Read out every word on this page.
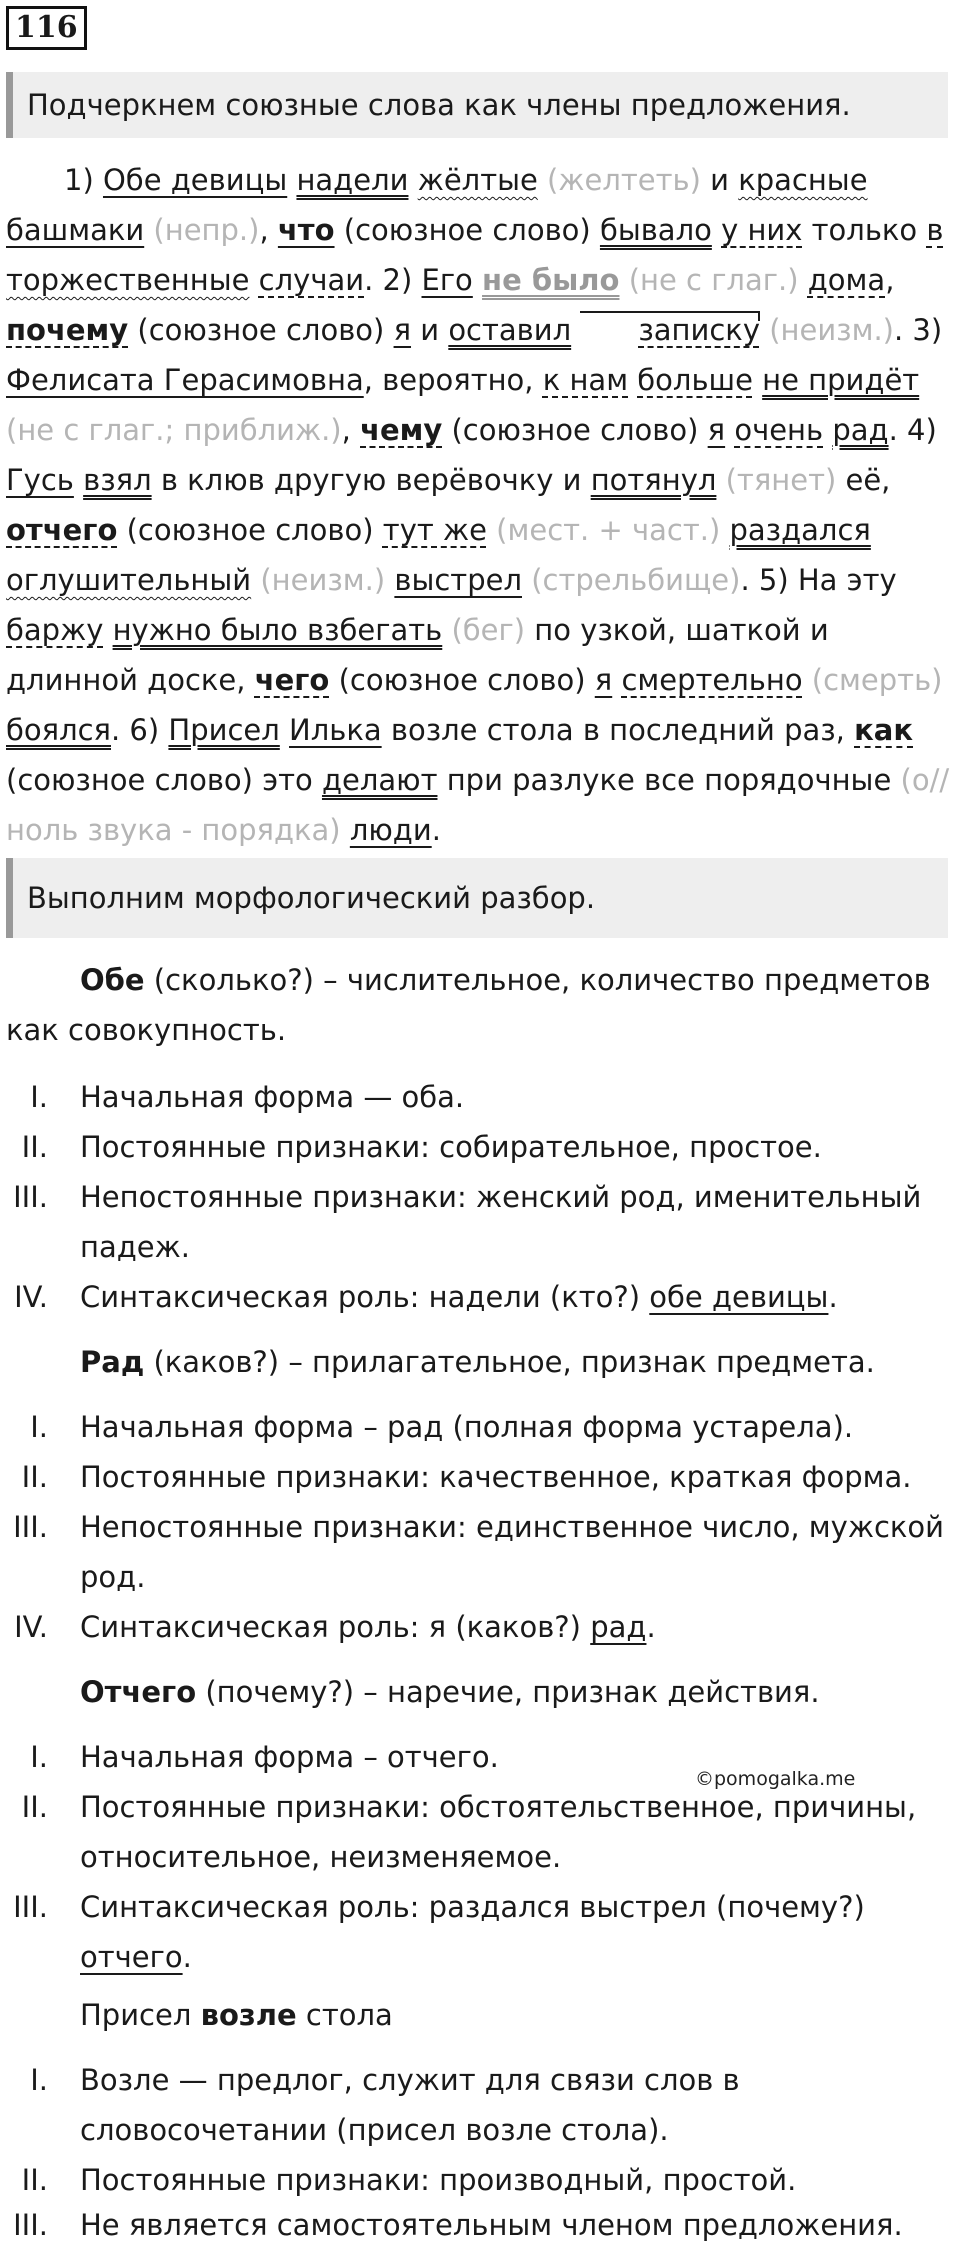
116
Подчеркнем союзные слова как члены предложения.
1) Обе девицы надели жёлтые (желтеть) и красные башмаки (непр.), что (союзное слово) бывало у них только в торжественные случаи. 2) Его не было (не с глаг.) дома, почему (союзное слово) я и оставил записку (неизм.). 3) Фелисата Герасимовна, вероятно, к нам больше не придёт (не с глаг.; приближ.), чему (союзное слово) я очень рад. 4) Гусь взял в клюв другую верёвочку и потянул (тянет) её, отчего (союзное слово) тут же (мест. + част.) раздался оглушительный (неизм.) выстрел (стрельбище). 5) На эту баржу нужно было взбегать (бег) по узкой, шаткой и длинной доске, чего (союзное слово) я смертельно (смерть) боялся. 6) Присел Илька возле стола в последний раз, как (союзное слово) это делают при разлуке все порядочные (о//ноль звука - порядка) люди.
Выполним морфологический разбор.
Обе (сколько?) – числительное, количество предметов как совокупность.
I. Начальная форма — оба.
II. Постоянные признаки: собирательное, простое.
III. Непостоянные признаки: женский род, именительный падеж.
IV. Синтаксическая роль: надели (кто?) обе девицы.
Рад (каков?) – прилагательное, признак предмета.
I. Начальная форма – рад (полная форма устарела).
II. Постоянные признаки: качественное, краткая форма.
III. Непостоянные признаки: единственное число, мужской род.
IV. Синтаксическая роль: я (каков?) рад.
Отчего (почему?) – наречие, признак действия.
I. Начальная форма – отчего.
©pomogalka.me
II. Постоянные признаки: обстоятельственное, причины, относительное, неизменяемое.
III. Синтаксическая роль: раздался выстрел (почему?) отчего.
Присел возле стола
I. Возле — предлог, служит для связи слов в словосочетании (присел возле стола).
II. Постоянные признаки: производный, простой.
III. Не является самостоятельным членом предложения.
